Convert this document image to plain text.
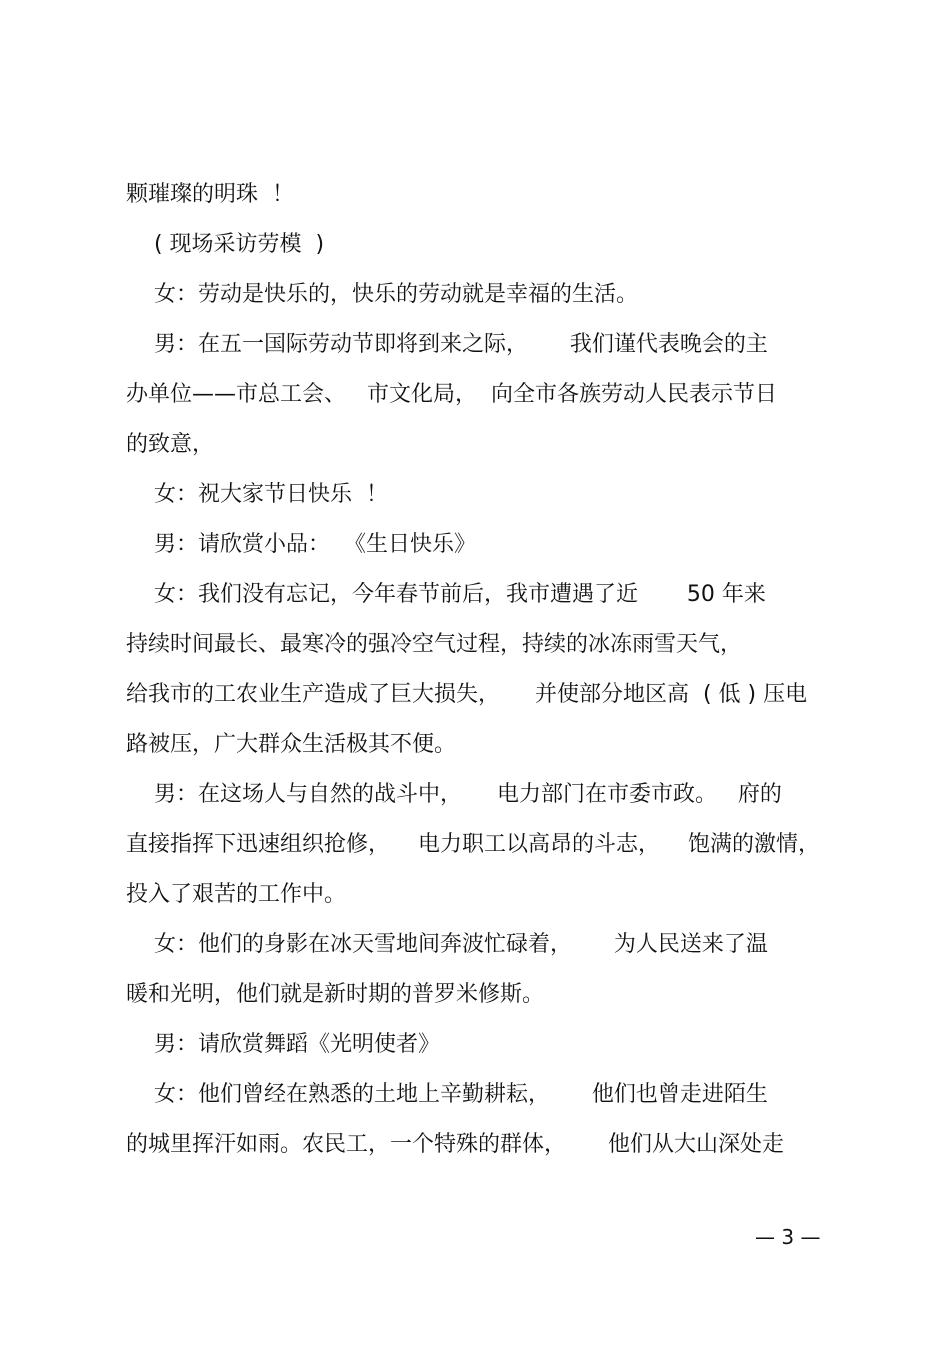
颗璀璨的明珠  ！
( 现场采访劳模  )
女：劳动是快乐的，快乐的劳动就是幸福的生活。
男：在五一国际劳动节即将到来之际，      我们谨代表晚会的主
办单位——市总工会、   市文化局，  向全市各族劳动人民表示节日
的致意，
女：祝大家节日快乐  ！
男：请欣赏小品：  《生日快乐》
女：我们没有忘记，今年春节前后，我市遭遇了近       50 年来
持续时间最长、最寒冷的强冷空气过程，持续的冰冻雨雪天气，
给我市的工农业生产造成了巨大损失，     并使部分地区高  ( 低 ) 压电
路被压，广大群众生活极其不便。
男：在这场人与自然的战斗中，     电力部门在市委市政。   府的
直接指挥下迅速组织抢修，    电力职工以高昂的斗志，    饱满的激情，
投入了艰苦的工作中。
女：他们的身影在冰天雪地间奔波忙碌着，      为人民送来了温
暖和光明，他们就是新时期的普罗米修斯。
男：请欣赏舞蹈《光明使者》
女：他们曾经在熟悉的土地上辛勤耕耘，      他们也曾走进陌生
的城里挥汗如雨。农民工，一个特殊的群体，      他们从大山深处走
— 3 —
